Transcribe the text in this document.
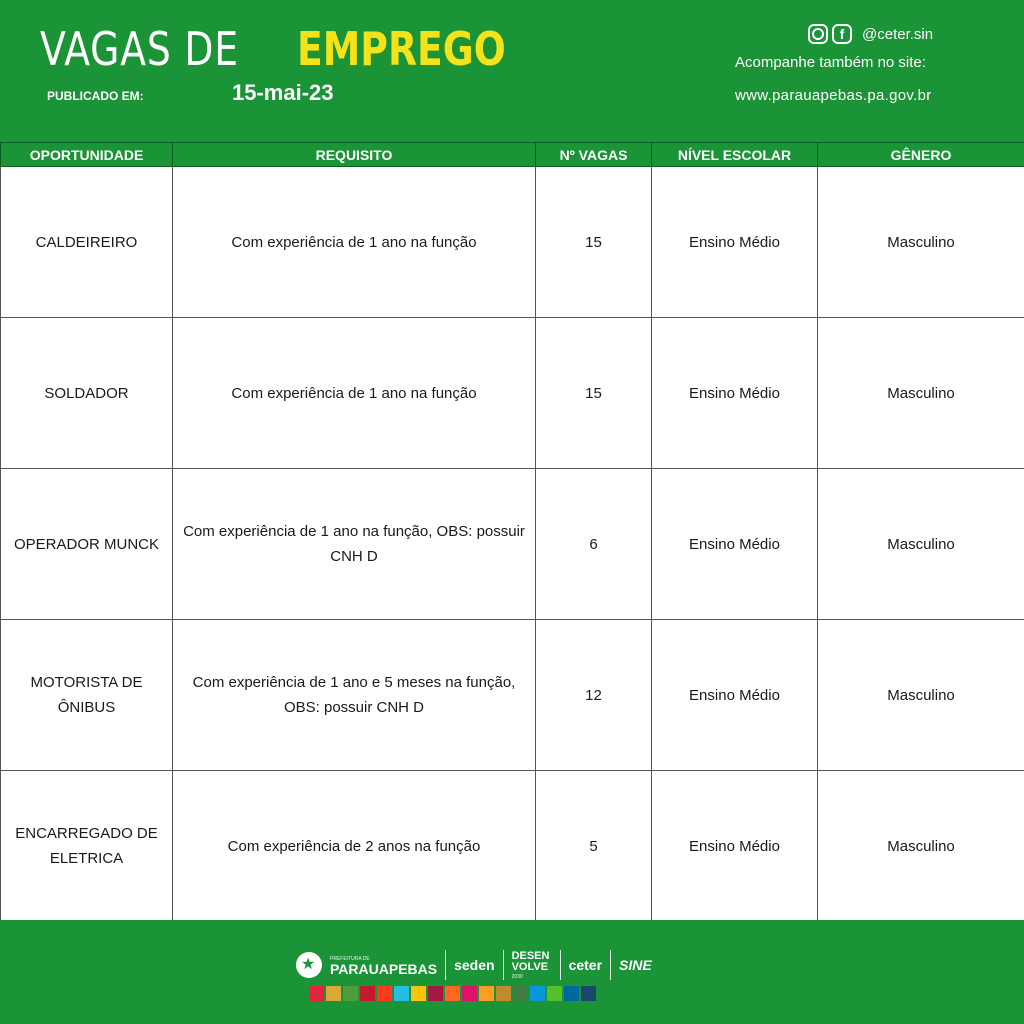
VAGAS DE EMPREGO
PUBLICADO EM:	15-mai-23
f	@ceter.sin
Acompanhe também no site:
www.parauapebas.pa.gov.br
OPORTUNIDADE	REQUISITO	Nº VAGAS	NÍVEL ESCOLAR	GÊNERO
CALDEIREIRO	Com experiência de 1 ano na função	15	Ensino Médio	Masculino
SOLDADOR	Com experiência de 1 ano na função	15	Ensino Médio	Masculino
OPERADOR MUNCK	Com experiência de 1 ano na função, OBS: possuir CNH D	6	Ensino Médio	Masculino
MOTORISTA DE ÔNIBUS	Com experiência de 1 ano e 5 meses na função, OBS: possuir CNH D	12	Ensino Médio	Masculino
ENCARREGADO DE ELETRICA	Com experiência de 2 anos na função	5	Ensino Médio	Masculino
★
PREFEITURA DE
PARAUAPEBAS seden
DESEN VOLVE
2030
ceter SINE
